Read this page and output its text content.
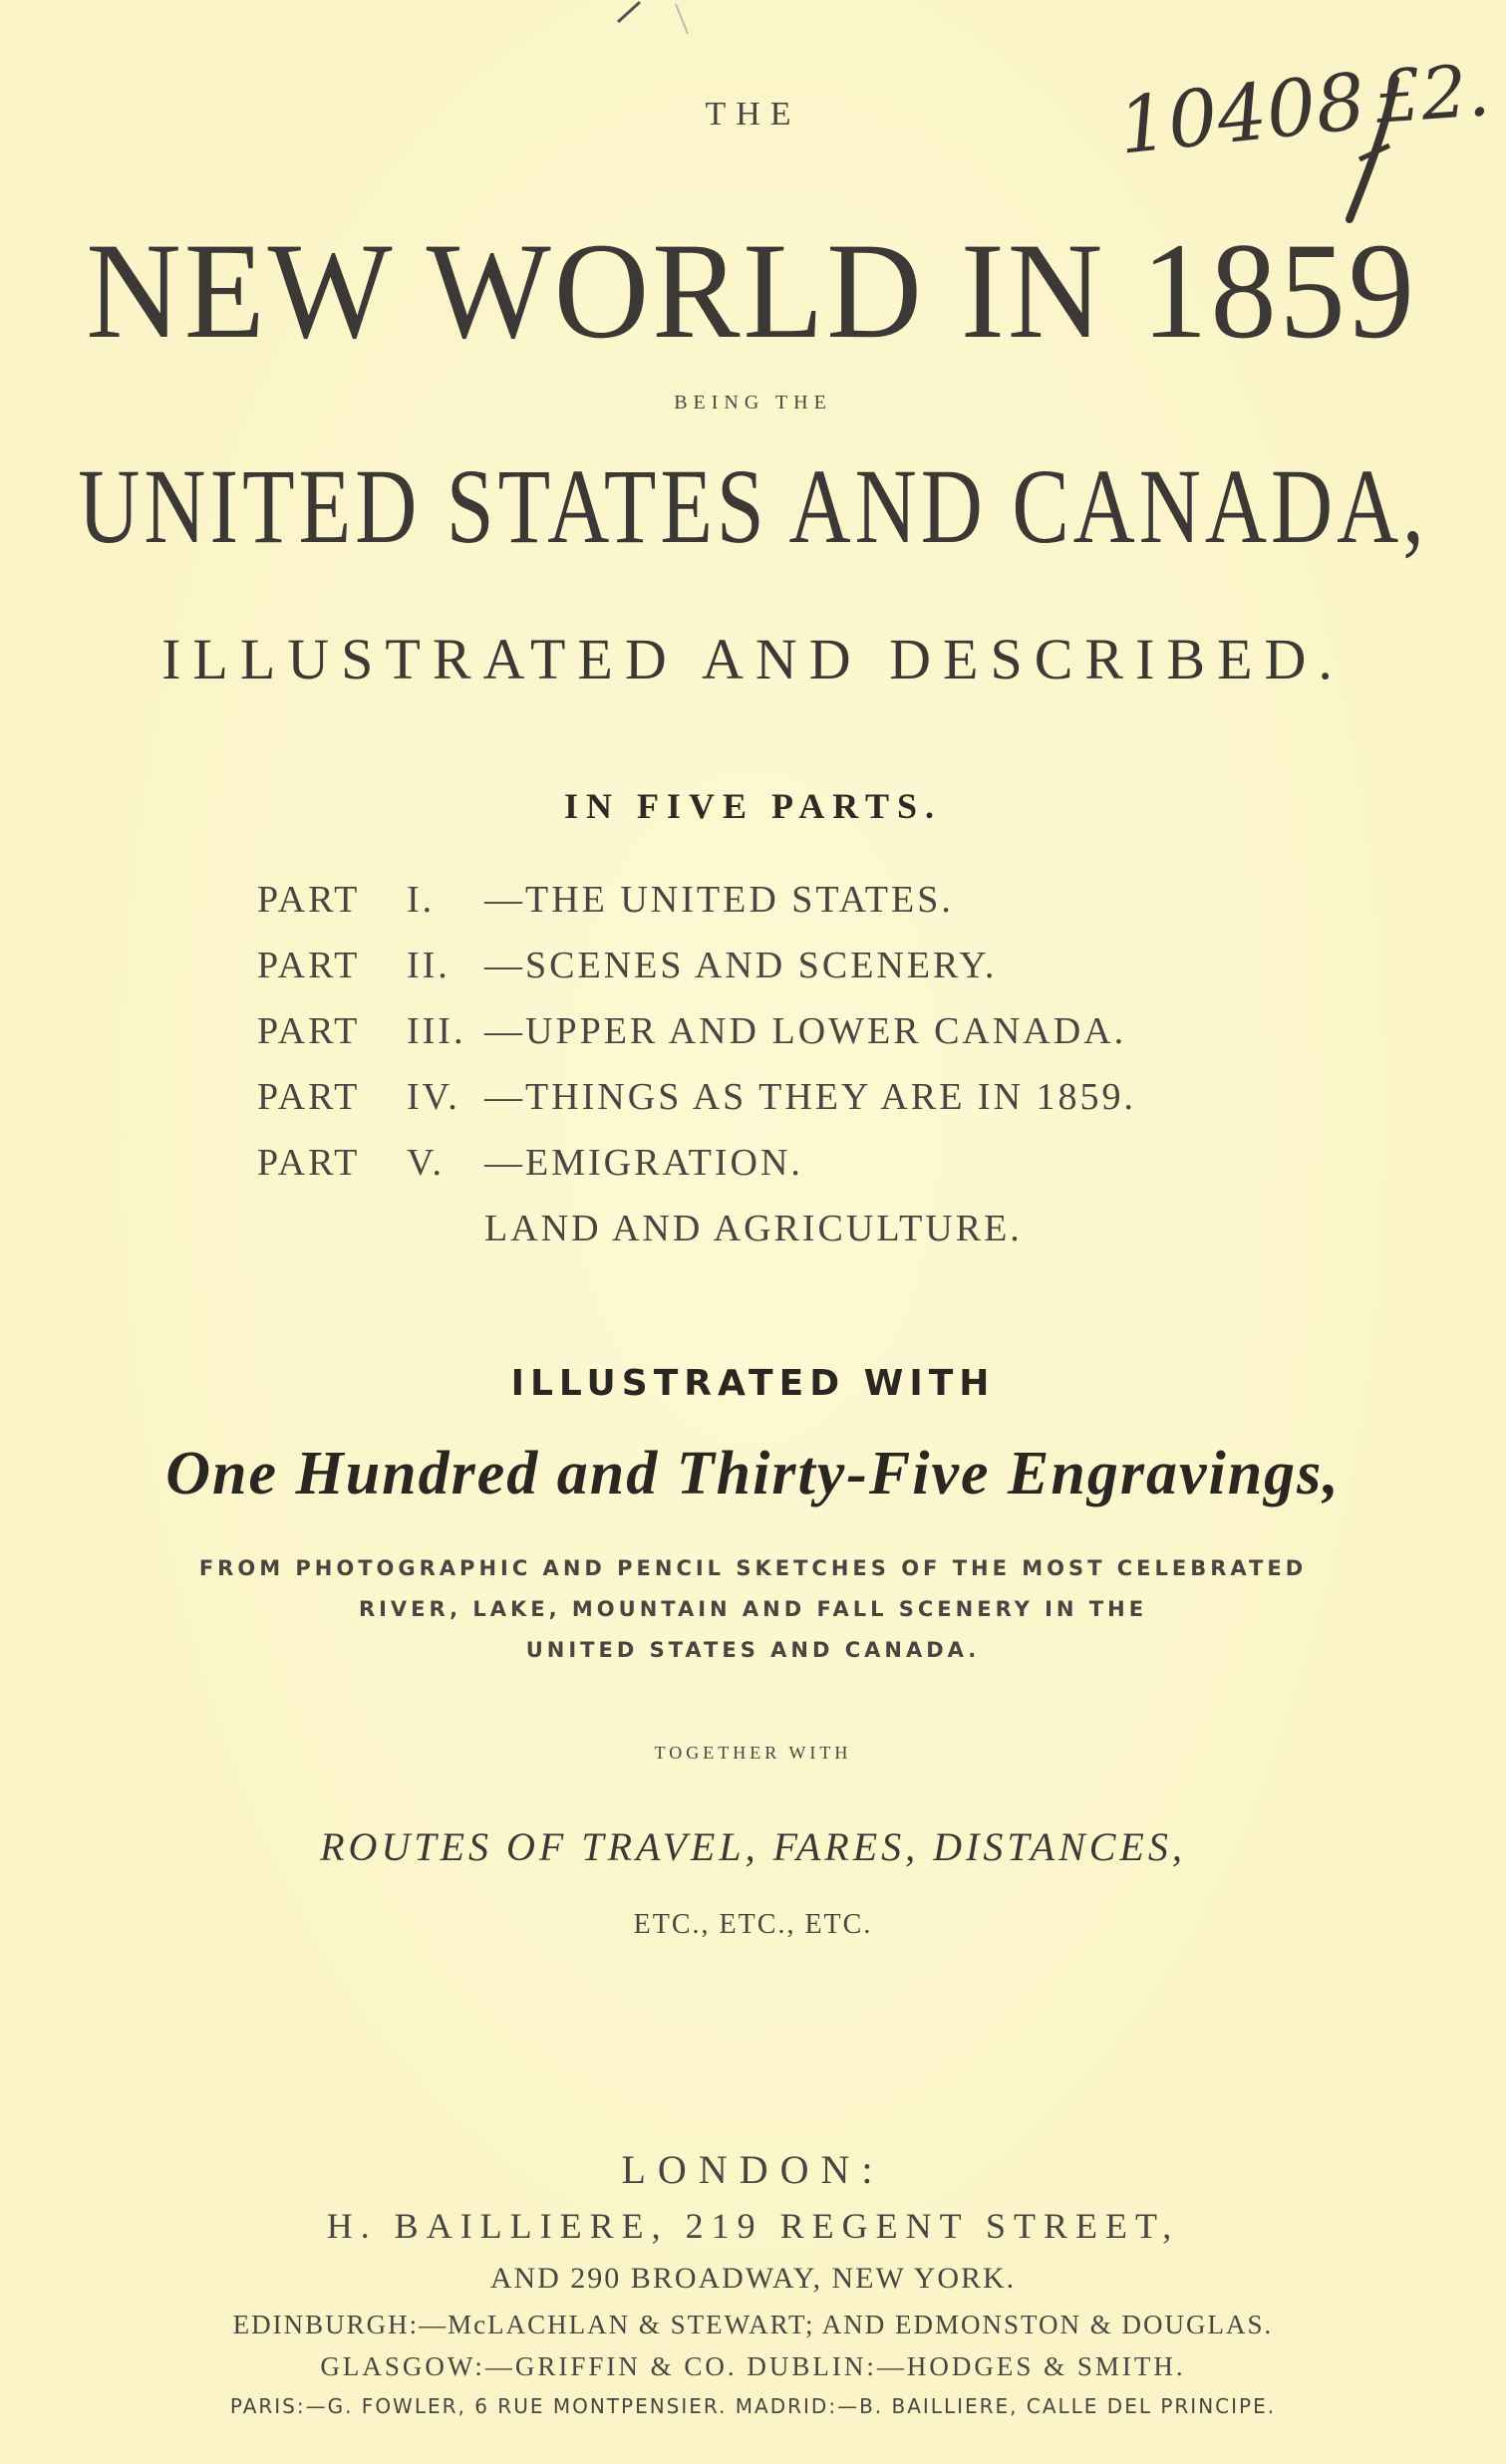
10408 £2.
THE
NEW WORLD IN 1859
BEING THE
UNITED STATES AND CANADA,
ILLUSTRATED AND DESCRIBED.
IN FIVE PARTS.
PART I. —THE UNITED STATES.
PART II. —SCENES AND SCENERY.
PART III. —UPPER AND LOWER CANADA.
PART IV. —THINGS AS THEY ARE IN 1859.
PART V. —EMIGRATION.
LAND AND AGRICULTURE.
ILLUSTRATED WITH
One Hundred and Thirty-Five Engravings,
FROM PHOTOGRAPHIC AND PENCIL SKETCHES OF THE MOST CELEBRATED
RIVER, LAKE, MOUNTAIN AND FALL SCENERY IN THE
UNITED STATES AND CANADA.
TOGETHER WITH
ROUTES OF TRAVEL, FARES, DISTANCES,
ETC., ETC., ETC.
LONDON:
H. BAILLIERE, 219 REGENT STREET,
AND 290 BROADWAY, NEW YORK.
EDINBURGH:—McLACHLAN & STEWART; AND EDMONSTON & DOUGLAS.
GLASGOW:—GRIFFIN & CO. DUBLIN:—HODGES & SMITH.
PARIS:—G. FOWLER, 6 RUE MONTPENSIER. MADRID:—B. BAILLIERE, CALLE DEL PRINCIPE.
